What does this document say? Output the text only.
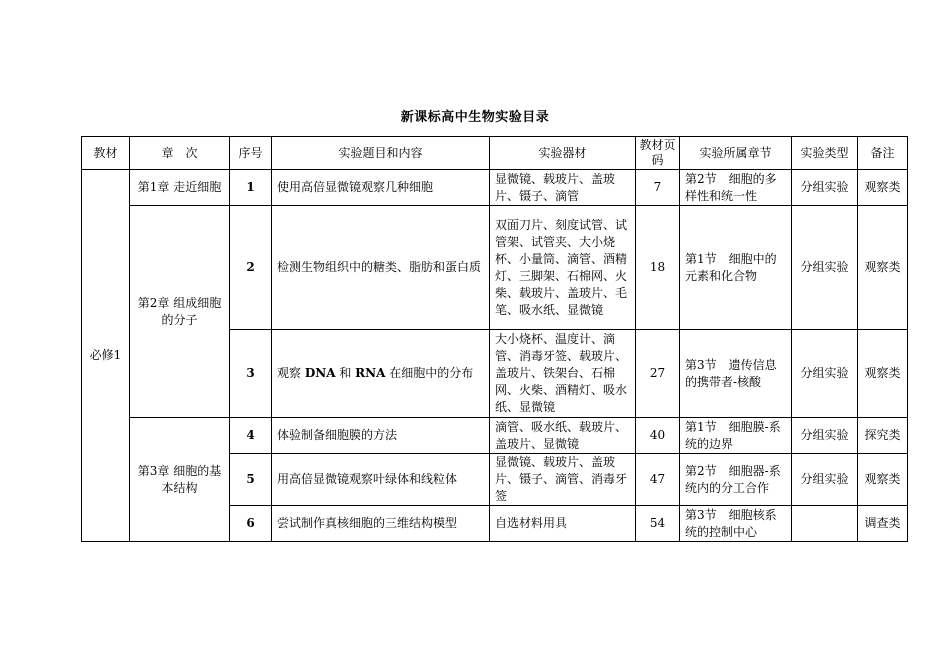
新课标高中生物实验目录
教材	章　次	序号	实验题目和内容	实验器材	教材页码	实验所属章节	实验类型	备注
必修1	第1章 走近细胞	1	使用高倍显微镜观察几种细胞	显微镜、载玻片、盖玻片、镊子、滴管	7	第2节　细胞的多样性和统一性	分组实验	观察类
	第2章 组成细胞的分子	2	检测生物组织中的糖类、脂肪和蛋白质	双面刀片、刻度试管、试管架、试管夹、大小烧杯、小量筒、滴管、酒精灯、三脚架、石棉网、火柴、载玻片、盖玻片、毛笔、吸水纸、显微镜	18	第1节　细胞中的元素和化合物	分组实验	观察类
		3	观察 DNA 和 RNA 在细胞中的分布	大小烧杯、温度计、滴管、消毒牙签、载玻片、盖玻片、铁架台、石棉网、火柴、酒精灯、吸水纸、显微镜	27	第3节　遗传信息的携带者-核酸	分组实验	观察类
	第3章 细胞的基本结构	4	体验制备细胞膜的方法	滴管、吸水纸、载玻片、盖玻片、显微镜	40	第1节　细胞膜-系统的边界	分组实验	探究类
		5	用高倍显微镜观察叶绿体和线粒体	显微镜、载玻片、盖玻片、镊子、滴管、消毒牙签	47	第2节　细胞器-系统内的分工合作	分组实验	观察类
		6	尝试制作真核细胞的三维结构模型	自选材料用具	54	第3节　细胞核系统的控制中心		调查类
